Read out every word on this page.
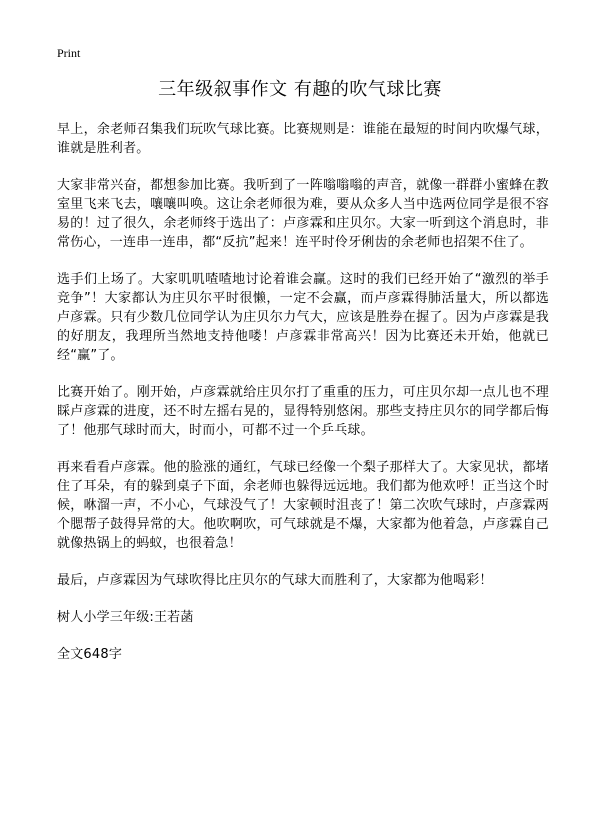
Print
三年级叙事作文 有趣的吹气球比赛

早上，余老师召集我们玩吹气球比赛。比赛规则是：谁能在最短的时间内吹爆气球，谁就是胜利者。

大家非常兴奋，都想参加比赛。我听到了一阵嗡嗡嗡的声音，就像一群群小蜜蜂在教室里飞来飞去，嚷嚷叫唤。这让余老师很为难，要从众多人当中选两位同学是很不容易的！过了很久，余老师终于选出了：卢彦霖和庄贝尔。大家一听到这个消息时，非常伤心，一连串一连串，都“反抗”起来！连平时伶牙俐齿的余老师也招架不住了。

选手们上场了。大家叽叽喳喳地讨论着谁会赢。这时的我们已经开始了“激烈的举手竞争”！大家都认为庄贝尔平时很懒，一定不会赢，而卢彦霖得肺活量大，所以都选卢彦霖。只有少数几位同学认为庄贝尔力气大，应该是胜券在握了。因为卢彦霖是我的好朋友，我理所当然地支持他喽！卢彦霖非常高兴！因为比赛还未开始，他就已经“赢”了。

比赛开始了。刚开始，卢彦霖就给庄贝尔打了重重的压力，可庄贝尔却一点儿也不理睬卢彦霖的进度，还不时左摇右晃的，显得特别悠闲。那些支持庄贝尔的同学都后悔了！他那气球时而大，时而小，可都不过一个乒乓球。

再来看看卢彦霖。他的脸涨的通红，气球已经像一个梨子那样大了。大家见状，都堵住了耳朵，有的躲到桌子下面，余老师也躲得远远地。我们都为他欢呼！正当这个时候，咻溜一声，不小心，气球没气了！大家顿时沮丧了！第二次吹气球时，卢彦霖两个腮帮子鼓得异常的大。他吹啊吹，可气球就是不爆，大家都为他着急，卢彦霖自己就像热锅上的蚂蚁，也很着急！

最后，卢彦霖因为气球吹得比庄贝尔的气球大而胜利了，大家都为他喝彩！

树人小学三年级:王若菡

全文648字
